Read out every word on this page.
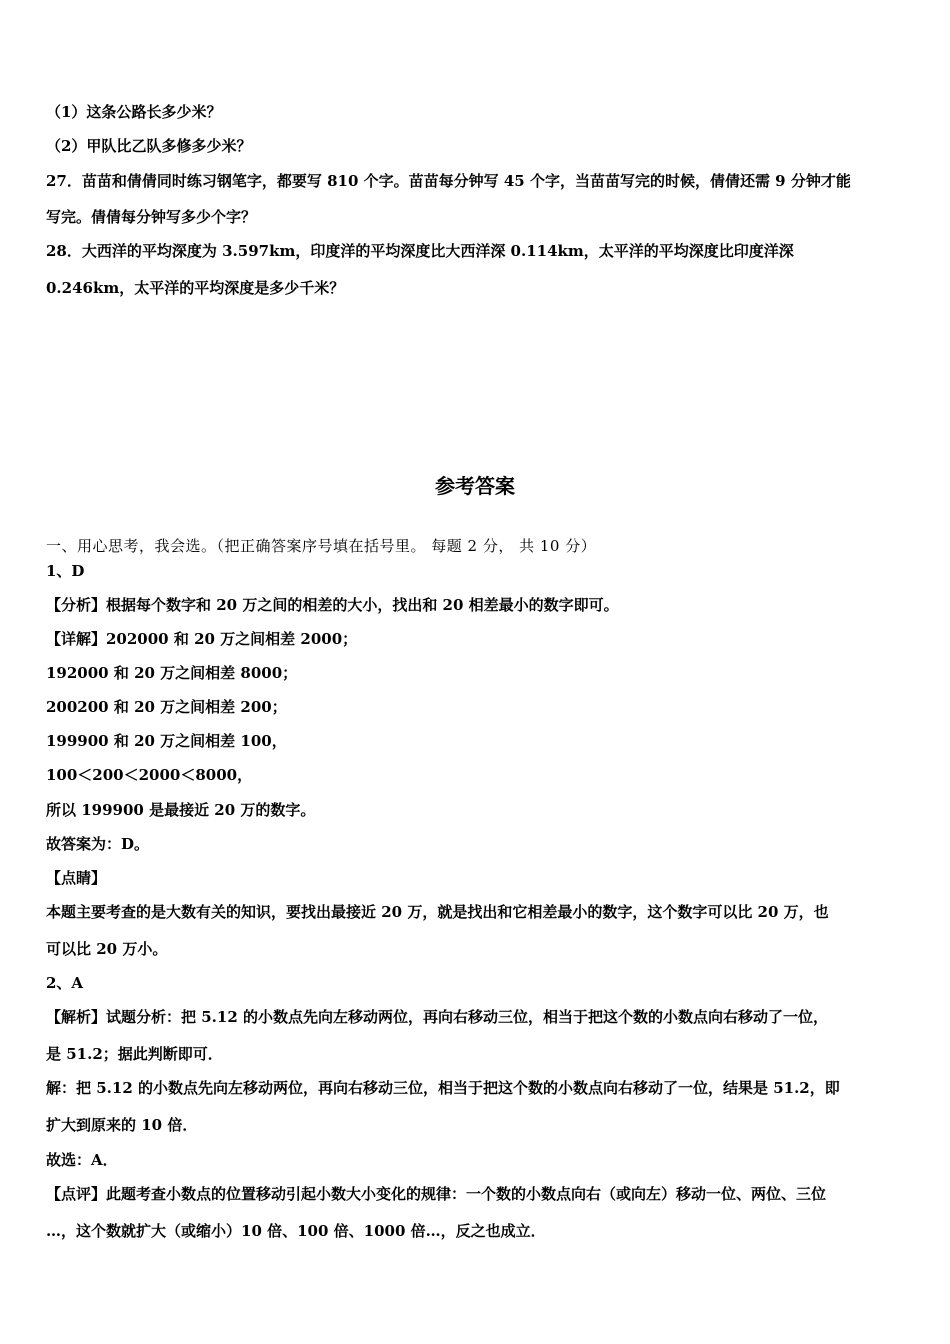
（1）这条公路长多少米？
（2）甲队比乙队多修多少米？
27．苗苗和倩倩同时练习钢笔字，都要写 810 个字。苗苗每分钟写 45 个字，当苗苗写完的时候，倩倩还需 9 分钟才能
写完。倩倩每分钟写多少个字？
28．大西洋的平均深度为 3.597km，印度洋的平均深度比大西洋深 0.114km，太平洋的平均深度比印度洋深
0.246km，太平洋的平均深度是多少千米？
参考答案
一、用心思考，我会选。（把正确答案序号填在括号里。 每题 2 分， 共 10 分）
1、D
【分析】根据每个数字和 20 万之间的相差的大小，找出和 20 相差最小的数字即可。
【详解】202000 和 20 万之间相差 2000；
192000 和 20 万之间相差 8000；
200200 和 20 万之间相差 200；
199900 和 20 万之间相差 100，
100＜200＜2000＜8000，
所以 199900 是最接近 20 万的数字。
故答案为：D。
【点睛】
本题主要考查的是大数有关的知识，要找出最接近 20 万，就是找出和它相差最小的数字，这个数字可以比 20 万，也
可以比 20 万小。
2、A
【解析】试题分析：把 5.12 的小数点先向左移动两位，再向右移动三位，相当于把这个数的小数点向右移动了一位，
是 51.2；据此判断即可．
解：把 5.12 的小数点先向左移动两位，再向右移动三位，相当于把这个数的小数点向右移动了一位，结果是 51.2，即
扩大到原来的 10 倍．
故选：A．
【点评】此题考查小数点的位置移动引起小数大小变化的规律：一个数的小数点向右（或向左）移动一位、两位、三位
…，这个数就扩大（或缩小）10 倍、100 倍、1000 倍…，反之也成立．
